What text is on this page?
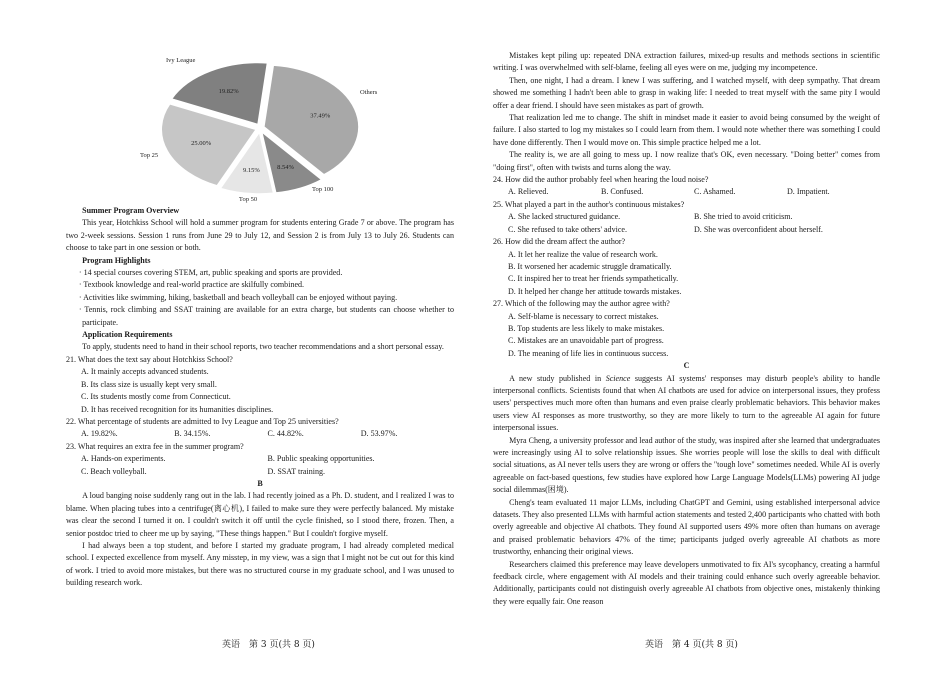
37.49%
Others
8.54%
Top 100
9.15%
Top 50
25.00%
Top 25
19.82%
Ivy League

Summer Program Overview

This year, Hotchkiss School will hold a summer program for students entering Grade 7 or above. The program has two 2-week sessions. Session 1 runs from June 29 to July 12, and Session 2 is from July 13 to July 26. Students can choose to take part in one session or both.

Program Highlights

· 14 special courses covering STEM, art, public speaking and sports are provided.

· Textbook knowledge and real-world practice are skilfully combined.

· Activities like swimming, hiking, basketball and beach volleyball can be enjoyed without paying.

· Tennis, rock climbing and SSAT training are available for an extra charge, but students can choose whether to participate.

Application Requirements

To apply, students need to hand in their school reports, two teacher recommendations and a short personal essay.

21. What does the text say about Hotchkiss School?

A. It mainly accepts advanced students.

B. Its class size is usually kept very small.

C. Its students mostly come from Connecticut.

D. It has received recognition for its humanities disciplines.

22. What percentage of students are admitted to Ivy League and Top 25 universities?

A. 19.82%.	B. 34.15%.	C. 44.82%.	D. 53.97%.

23. What requires an extra fee in the summer program?

A. Hands-on experiments.	B. Public speaking opportunities.
C. Beach volleyball.	D. SSAT training.

B

A loud banging noise suddenly rang out in the lab. I had recently joined as a Ph. D. student, and I realized I was to blame. When placing tubes into a centrifuge(离心机), I failed to make sure they were perfectly balanced. My mistake was clear the second I turned it on. I couldn't switch it off until the cycle finished, so I stood there, frozen. Then, a senior postdoc tried to cheer me up by saying, "These things happen." But I couldn't forgive myself.

I had always been a top student, and before I started my graduate program, I had already completed medical school. I expected excellence from myself. Any misstep, in my view, was a sign that I might not be cut out for this kind of work. I tried to avoid more mistakes, but there was no structured course in my graduate school, and I was unused to building research work.

英语　第 3 页(共 8 页)

Mistakes kept piling up: repeated DNA extraction failures, mixed-up results and methods sections in scientific writing. I was overwhelmed with self-blame, feeling all eyes were on me, judging my incompetence.

Then, one night, I had a dream. I knew I was suffering, and I watched myself, with deep sympathy. That dream showed me something I hadn't been able to grasp in waking life: I needed to treat myself with the same pity I would offer a dear friend. I should have seen mistakes as part of growth.

That realization led me to change. The shift in mindset made it easier to avoid being consumed by the weight of failure. I also started to log my mistakes so I could learn from them. I would note whether there was something I could have done differently. Then I would move on. This simple practice helped me a lot.

The reality is, we are all going to mess up. I now realize that's OK, even necessary. "Doing better" comes from "doing first", often with twists and turns along the way.

24. How did the author probably feel when hearing the loud noise?

A. Relieved.	B. Confused.	C. Ashamed.	D. Impatient.

25. What played a part in the author's continuous mistakes?

A. She lacked structured guidance.	B. She tried to avoid criticism.
C. She refused to take others' advice.	D. She was overconfident about herself.

26. How did the dream affect the author?

A. It let her realize the value of research work.

B. It worsened her academic struggle dramatically.

C. It inspired her to treat her friends sympathetically.

D. It helped her change her attitude towards mistakes.

27. Which of the following may the author agree with?

A. Self-blame is necessary to correct mistakes.

B. Top students are less likely to make mistakes.

C. Mistakes are an unavoidable part of progress.

D. The meaning of life lies in continuous success.

C

A new study published in Science suggests AI systems' responses may disturb people's ability to handle interpersonal conflicts. Scientists found that when AI chatbots are used for advice on interpersonal issues, they profess users' perspectives much more often than humans and even praise clearly problematic behaviors. This behavior makes users view AI responses as more trustworthy, so they are more likely to turn to the agreeable AI again for future interpersonal issues.

Myra Cheng, a university professor and lead author of the study, was inspired after she learned that undergraduates were increasingly using AI to solve relationship issues. She worries people will lose the skills to deal with difficult social situations, as AI never tells users they are wrong or offers the "tough love" sometimes needed. While AI is overly agreeable on fact-based questions, few studies have explored how Large Language Models(LLMs) powering AI judge social dilemmas(困境).

Cheng's team evaluated 11 major LLMs, including ChatGPT and Gemini, using established interpersonal advice datasets. They also presented LLMs with harmful action statements and tested 2,400 participants who chatted with both overly agreeable and objective AI chatbots. They found AI supported users 49% more often than humans on average and praised problematic behaviors 47% of the time; participants judged overly agreeable AI chatbots as more trustworthy, enhancing their original views.

Researchers claimed this preference may leave developers unmotivated to fix AI's sycophancy, creating a harmful feedback circle, where engagement with AI models and their training could enhance such overly agreeable behavior. Additionally, participants could not distinguish overly agreeable AI chatbots from objective ones, mistakenly thinking they were equally fair. One reason

英语　第 4 页(共 8 页)
